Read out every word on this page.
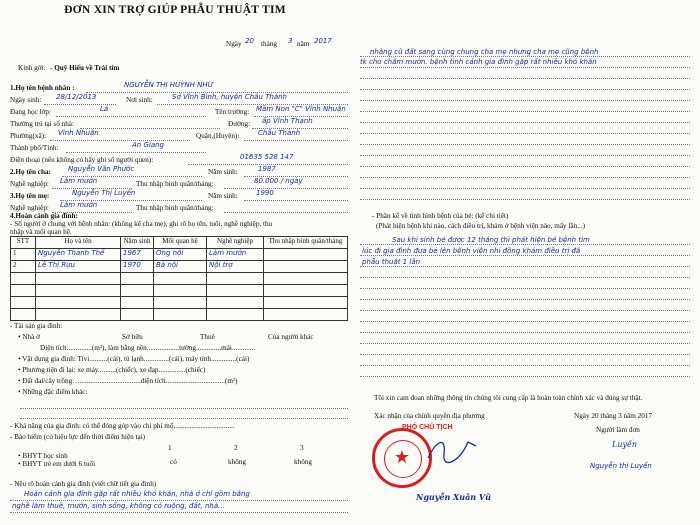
ĐƠN XIN TRỢ GIÚP PHẪU THUẬT TIM
Ngày 20 tháng 3 năm 2017
Kính gởi: - Quỹ Hiếu về Trái tim
1.Họ tên bệnh nhân :	NGUYỄN THỊ HUỲNH NHƯ
Ngày sinh: 28/12/2013	Nơi sinh:	Sở Vĩnh Bình, huyện Châu Thành
Đang học lớp:	Lá	Tên trường: Mầm Non "C" Vĩnh Nhuận
Thường trú tại số nhà:	Đường: ấp Vĩnh Thạnh
Phường(xã): Vĩnh Nhuận	Quận,(Huyện):	Châu Thành
Thành phố/Tỉnh:	An Giang
Điện thoại (nếu không có hãy ghi số người quen):	01635 528 147
2.Họ tên cha: Nguyễn Văn Phước	Năm sinh:	1987
Nghề nghiệp: Làm mướn	Thu nhập bình quân/tháng:	80.000 / ngày
3.Họ tên mẹ:	Nguyễn Thị Luyến	Năm sinh:	1990
Nghề nghiệp: Làm mướn	Thu nhập bình quân/tháng:
4.Hoàn cảnh gia đình:
- Số người ở chung với bệnh nhân: (không kể cha mẹ), ghi rõ họ tên, tuổi, nghề nghiệp, thu
nhập và mối quan hệ.
STT	Họ và tên	Năm sinh	Mối quan hệ	Nghề nghiệp	Thu nhập bình quân/tháng
1	Nguyễn Thanh Thế	1967	Ông nội	Làm mướn	
2	Lê Thị Rựu	1970	Bà nội	Nội trợ	

- Tài sản gia đình:
• Nhà ở	Sở hữu	Thuê	Của người khác
Diện tích:.............(m²), làm bằng nền..................tường..............mái.............
• Vật dụng gia đình: Tivi..........(cái), tủ lạnh..............(cái), máy tính..............(cái)
• Phương tiện đi lại: xe máy..........(chiếc), xe đạp...............(chiếc)
• Đất đai/cây trồng: ....................................diện tích.................................(m²)
• Những đặc điểm khác:
- Khả năng của gia đình: có thể đóng góp vào chi phí mổ..................................
- Bảo hiểm (có hiệu lực đến thời điểm hiện tại)
1	2	3
• BHYT học sinh
• BHYT trẻ em dưới 6 tuổi	có	không	không
- Nêu rõ hoàn cảnh gia đình (viết chữ tiết gia đình)
Hoàn cảnh gia đình gặp rất nhiều khó khăn, nhà ở chỉ gồm bằng
nghề làm thuê, mướn, sinh sống, không có ruộng, đất, nhà...
nhàng cũ đất sang cùng chung cha mẹ nhưng cha mẹ cũng bệnh
tk cho chăm mướn. bệnh tình cảnh gia đình gặp rất nhiều khó khăn
- Phần kể về tình hình bệnh của bé: (kể chi tiết)
(Phát hiện bệnh khi nào, cách điều trị, khám ở bệnh viện nào, mấy lần...)
Sau khi sinh bé được 12 tháng thì phát hiện bé bệnh tim
lúc đi gia đình đưa bé lên bệnh viện nhi đồng khám điều trị đã
phẫu thuật 1 lần
Tôi xin cam đoan những thông tin chúng tôi cung cấp là hoàn toàn chính xác và đúng sự thật.
Xác nhận của chính quyền địa phương	Ngày 20 tháng 3 năm 2017
Người làm đơn
Luyến
Nguyễn thị Luyến
PHÓ CHỦ TỊCH
★
Nguyễn Xuân Vũ
